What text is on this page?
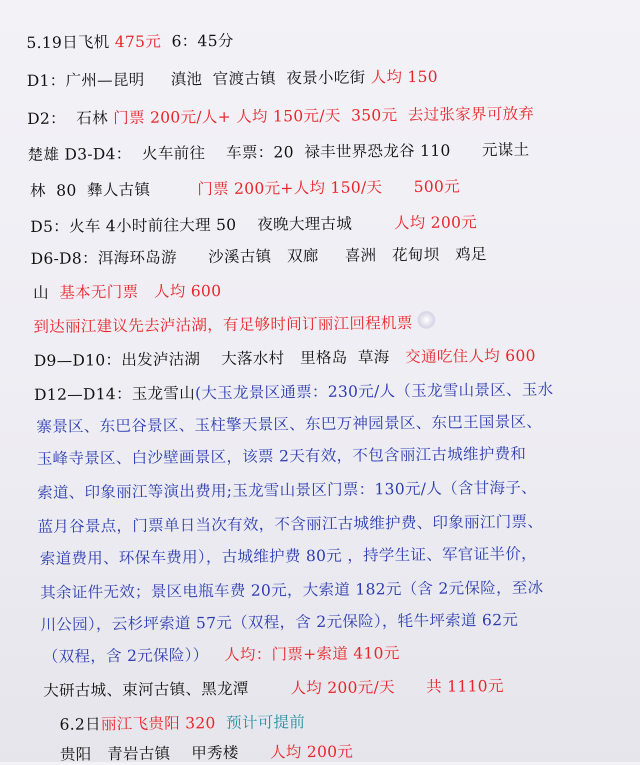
5.19日飞机 475元  6：45分
D1：广州—昆明     滇池  官渡古镇  夜景小吃街 人均 150
D2：  石林 门票 200元/人+ 人均 150元/天  350元  去过张家界可放弃
楚雄 D3-D4：  火车前往    车票：20  禄丰世界恐龙谷 110      元谋土
林  80  彝人古镇         门票 200元+人均 150/天      500元
D5：火车 4小时前往大理 50    夜晚大理古城        人均 200元
D6-D8：洱海环岛游      沙溪古镇   双廊     喜洲   花甸坝   鸡足
山  基本无门票   人均 600
到达丽江建议先去泸沽湖，有足够时间订丽江回程机票
D9—D10：出发泸沽湖    大落水村   里格岛  草海   交通吃住人均 600
D12—D14：玉龙雪山(大玉龙景区通票：230元/人（玉龙雪山景区、玉水
寨景区、东巴谷景区、玉柱擎天景区、东巴万神园景区、东巴王国景区、
玉峰寺景区、白沙壁画景区，该票 2天有效，不包含丽江古城维护费和
索道、印象丽江等演出费用;玉龙雪山景区门票：130元/人（含甘海子、
蓝月谷景点，门票单日当次有效，不含丽江古城维护费、印象丽江门票、
索道费用、环保车费用），古城维护费 80元 ，持学生证、军官证半价，
其余证件无效；景区电瓶车费 20元，大索道 182元（含 2元保险，至冰
川公园），云杉坪索道 57元（双程，含 2元保险），牦牛坪索道 62元
（双程，含 2元保险））   人均：门票+索道 410元
大研古城、束河古镇、黑龙潭        人均 200元/天      共 1110元
6.2日丽江飞贵阳 320  预计可提前
贵阳   青岩古镇    甲秀楼      人均 200元
